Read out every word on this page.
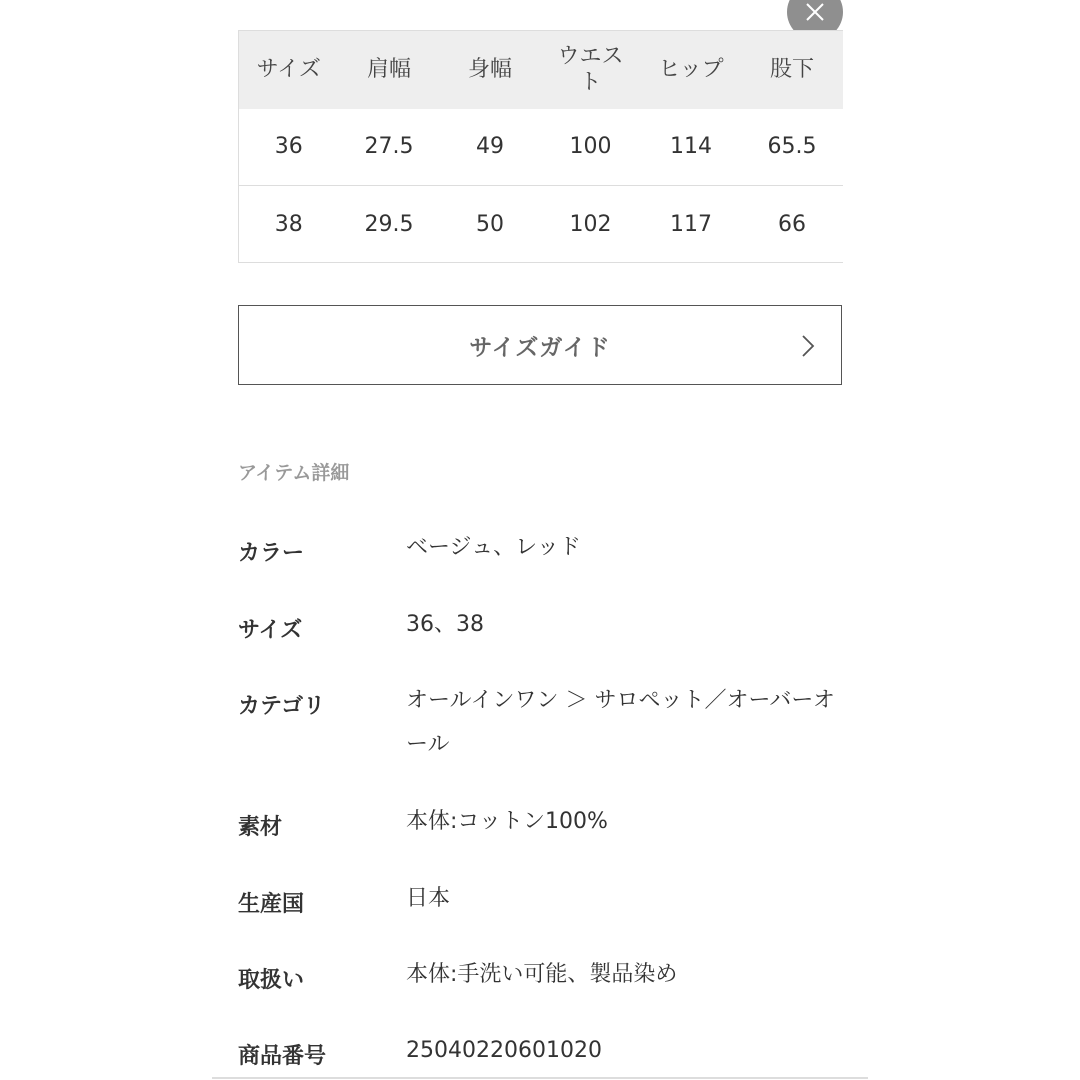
サイズ	肩幅	身幅	ウエスト	ヒップ	股下
36	27.5	49	100	114	65.5
38	29.5	50	102	117	66
サイズガイド
アイテム詳細
カラー	ベージュ、レッド
サイズ	36、38
カテゴリ	オールインワン ＞ サロペット／オーバーオール
素材	本体:コットン100%
生産国	日本
取扱い	本体:手洗い可能、製品染め
商品番号	25040220601020
